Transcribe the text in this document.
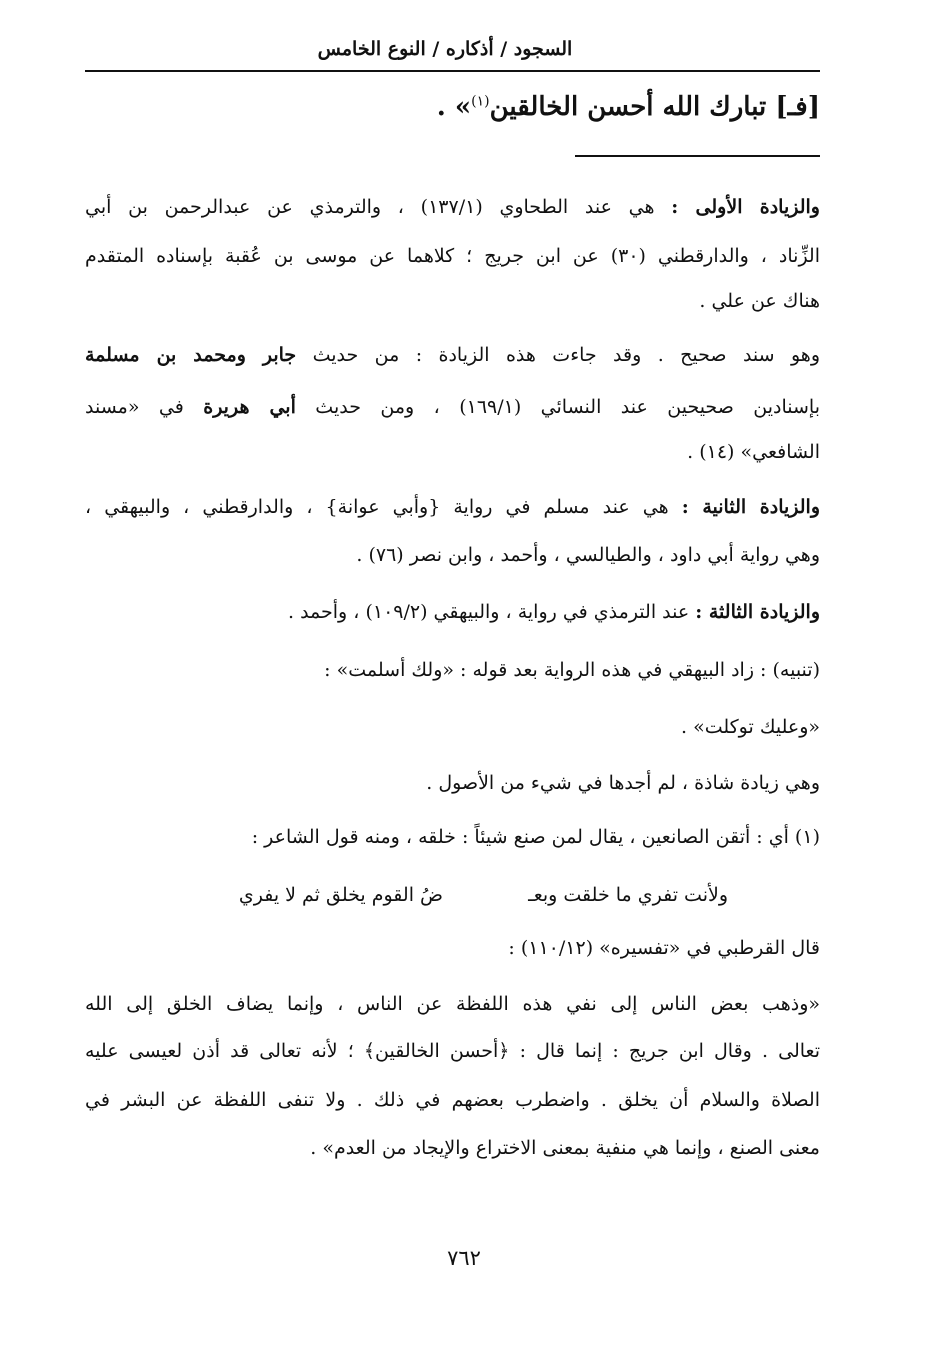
السجود / أذكاره / النوع الخامس
[فـ] تبارك الله أحسن الخالقين$^{(١)}$» .
والزيادة الأولى : هي عند الطحاوي (١٣٧/١) ، والترمذي عن عبدالرحمن بن أبي
الزِّناد ، والدارقطني (٣٠) عن ابن جريج ؛ كلاهما عن موسى بن عُقبة بإسناده المتقدم
هناك عن علي .
وهو سند صحيح . وقد جاءت هذه الزيادة : من حديث جابر ومحمد بن مسلمة
بإسنادين صحيحين عند النسائي (١٦٩/١) ، ومن حديث أبي هريرة في «مسند
الشافعي» (١٤) .
والزيادة الثانية : هي عند مسلم في رواية {وأبي عوانة} ، والدارقطني ، والبيهقي ،
وهي رواية أبي داود ، والطيالسي ، وأحمد ، وابن نصر (٧٦) .
والزيادة الثالثة : عند الترمذي في رواية ، والبيهقي (١٠٩/٢) ، وأحمد .
(تنبيه) : زاد البيهقي في هذه الرواية بعد قوله : «ولك أسلمت» :
«وعليك توكلت» .
وهي زيادة شاذة ، لم أجدها في شيء من الأصول .
(١) أي : أتقن الصانعين ، يقال لمن صنع شيئاً : خلقه ، ومنه قول الشاعر :
ولأنت تفري ما خلقت وبعـ
ضُ القوم يخلق ثم لا يفري
قال القرطبي في «تفسيره» (١١٠/١٢) :
«وذهب بعض الناس إلى نفي هذه اللفظة عن الناس ، وإنما يضاف الخلق إلى الله
تعالى . وقال ابن جريج : إنما قال : ﴿أحسن الخالقين﴾ ؛ لأنه تعالى قد أذن لعيسى عليه
الصلاة والسلام أن يخلق . واضطرب بعضهم في ذلك . ولا تنفى اللفظة عن البشر في
معنى الصنع ، وإنما هي منفية بمعنى الاختراع والإيجاد من العدم» .
٧٦٢
